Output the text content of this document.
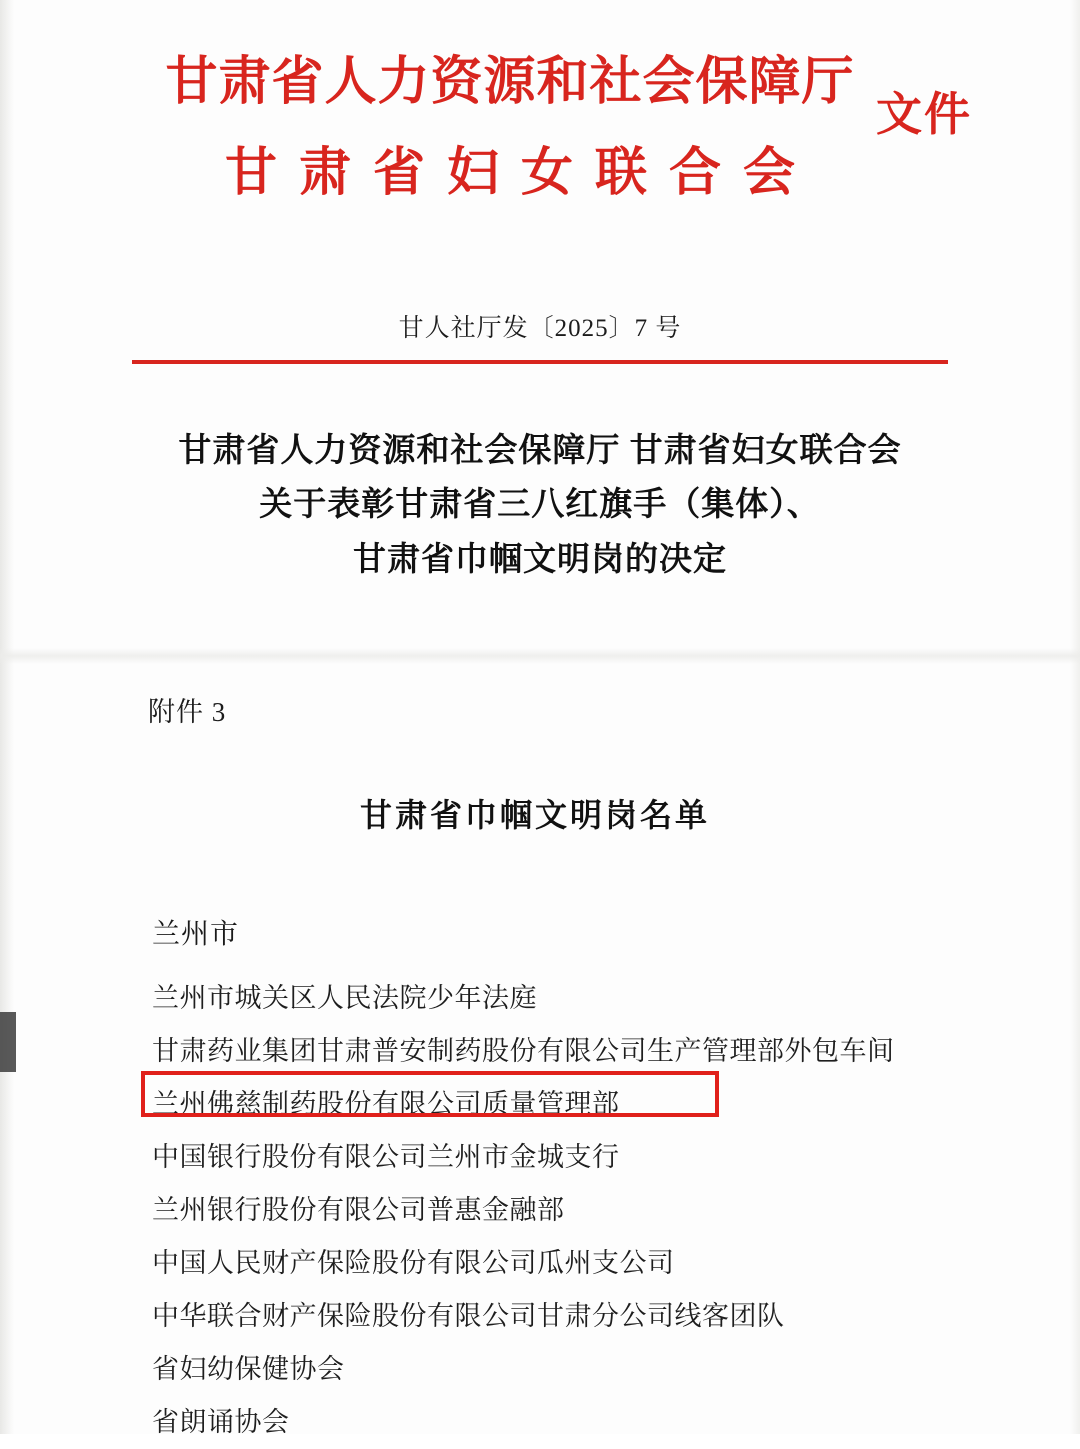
甘肃省人力资源和社会保障厅
甘肃省妇女联合会
文件
甘人社厅发〔2025〕7 号
甘肃省人力资源和社会保障厅 甘肃省妇女联合会
关于表彰甘肃省三八红旗手（集体）、
甘肃省巾帼文明岗的决定
附件 3
甘肃省巾帼文明岗名单
兰州市
兰州市城关区人民法院少年法庭
甘肃药业集团甘肃普安制药股份有限公司生产管理部外包车间
兰州佛慈制药股份有限公司质量管理部
中国银行股份有限公司兰州市金城支行
兰州银行股份有限公司普惠金融部
中国人民财产保险股份有限公司瓜州支公司
中华联合财产保险股份有限公司甘肃分公司线客团队
省妇幼保健协会
省朗诵协会
